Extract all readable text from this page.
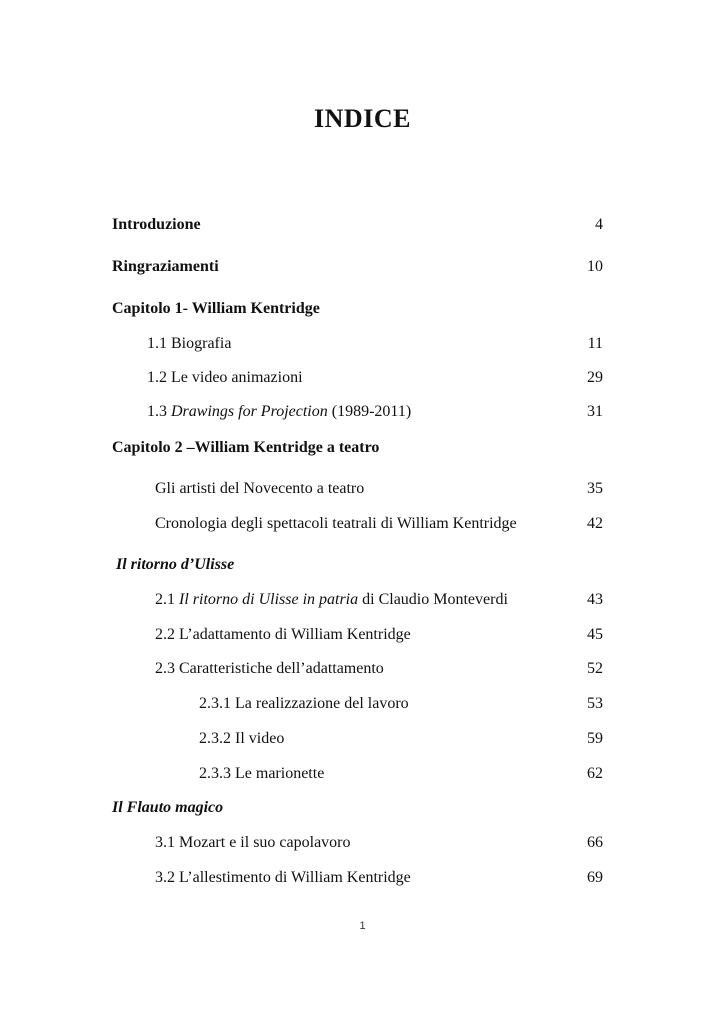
INDICE
Introduzione	4
Ringraziamenti	10
Capitolo 1- William Kentridge
1.1 Biografia	11
1.2 Le video animazioni	29
1.3 Drawings for Projection (1989-2011)	31
Capitolo 2 –William Kentridge a teatro
Gli artisti del Novecento a teatro	35
Cronologia degli spettacoli teatrali di William Kentridge	42
Il ritorno d’Ulisse
2.1 Il ritorno di Ulisse in patria di Claudio Monteverdi	43
2.2 L’adattamento di William Kentridge	45
2.3 Caratteristiche dell’adattamento	52
2.3.1 La realizzazione del lavoro	53
2.3.2 Il video	59
2.3.3 Le marionette	62
Il Flauto magico
3.1 Mozart e il suo capolavoro	66
3.2 L’allestimento di William Kentridge	69
1
